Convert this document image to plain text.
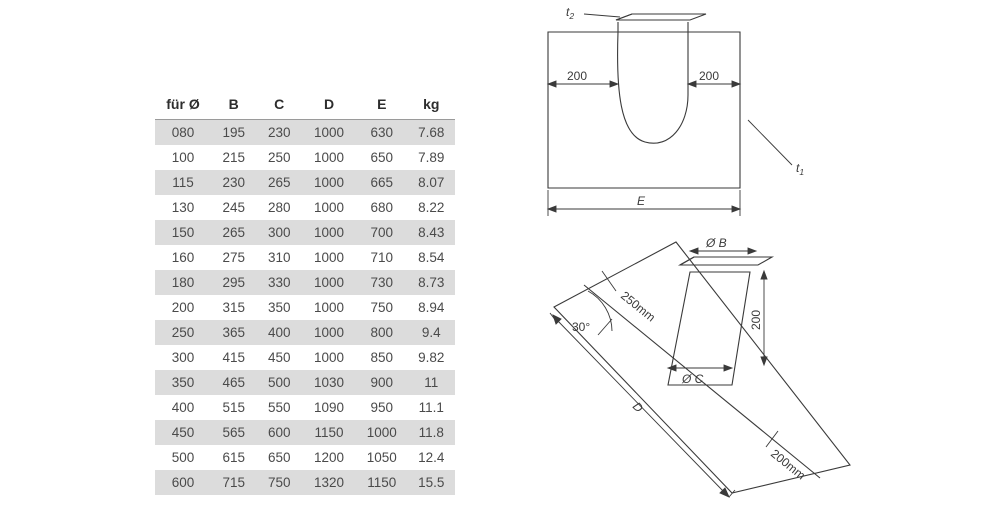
für Ø	B	C	D	E	kg
080	195	230	1000	630	7.68
100	215	250	1000	650	7.89
115	230	265	1000	665	8.07
130	245	280	1000	680	8.22
150	265	300	1000	700	8.43
160	275	310	1000	710	8.54
180	295	330	1000	730	8.73
200	315	350	1000	750	8.94
250	365	400	1000	800	9.4
300	415	450	1000	850	9.82
350	465	500	1030	900	11
400	515	550	1090	950	11.1
450	565	600	1150	1000	11.8
500	615	650	1200	1050	12.4
600	715	750	1320	1150	15.5
$t_2$
$t_1$
200	200
E
Ø B
Ø C
200
250mm
30°
200mm
D
